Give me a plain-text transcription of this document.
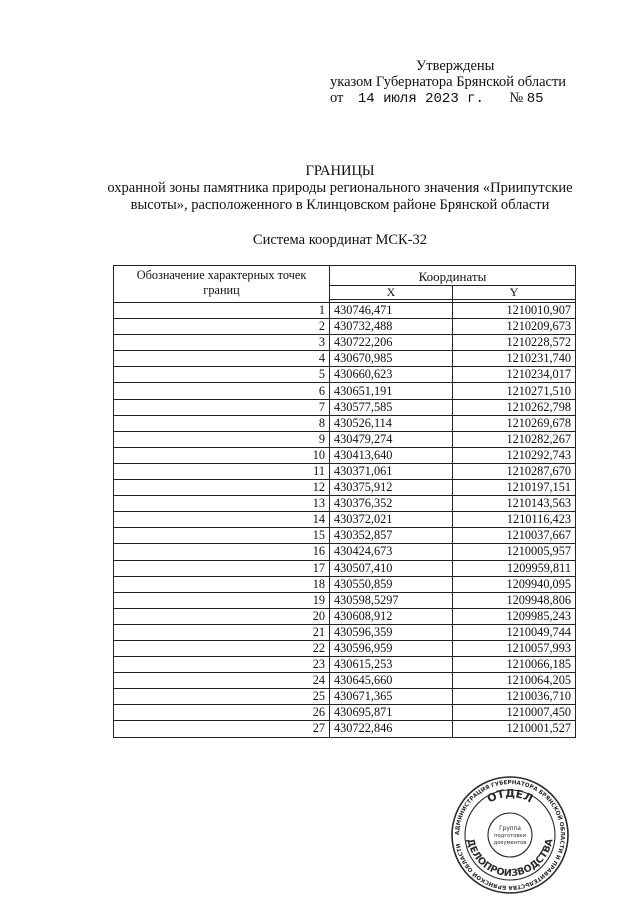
Утверждены
указом Губернатора Брянской области
от 14 июля 2023 г. № 85
ГРАНИЦЫ
охранной зоны памятника природы регионального значения «Приипутские
высоты», расположенного в Клинцовском районе Брянской области
Система координат МСК-32
Обозначение характерных точек границ	Координаты	
	X	Y

1	430746,471	1210010,907
2	430732,488	1210209,673
3	430722,206	1210228,572
4	430670,985	1210231,740
5	430660,623	1210234,017
6	430651,191	1210271,510
7	430577,585	1210262,798
8	430526,114	1210269,678
9	430479,274	1210282,267
10	430413,640	1210292,743
11	430371,061	1210287,670
12	430375,912	1210197,151
13	430376,352	1210143,563
14	430372,021	1210116,423
15	430352,857	1210037,667
16	430424,673	1210005,957
17	430507,410	1209959,811
18	430550,859	1209940,095
19	430598,5297	1209948,806
20	430608,912	1209985,243
21	430596,359	1210049,744
22	430596,959	1210057,993
23	430615,253	1210066,185
24	430645,660	1210064,205
25	430671,365	1210036,710
26	430695,871	1210007,450
27	430722,846	1210001,527
АДМИНИСТРАЦИЯ ГУБЕРНАТОРА БРЯНСКОЙ ОБЛАСТИ И ПРАВИТЕЛЬСТВА БРЯНСКОЙ ОБЛАСТИ
ОТДЕЛ
ДЕЛОПРОИЗВОДСТВА
Группа
подготовки
документов
